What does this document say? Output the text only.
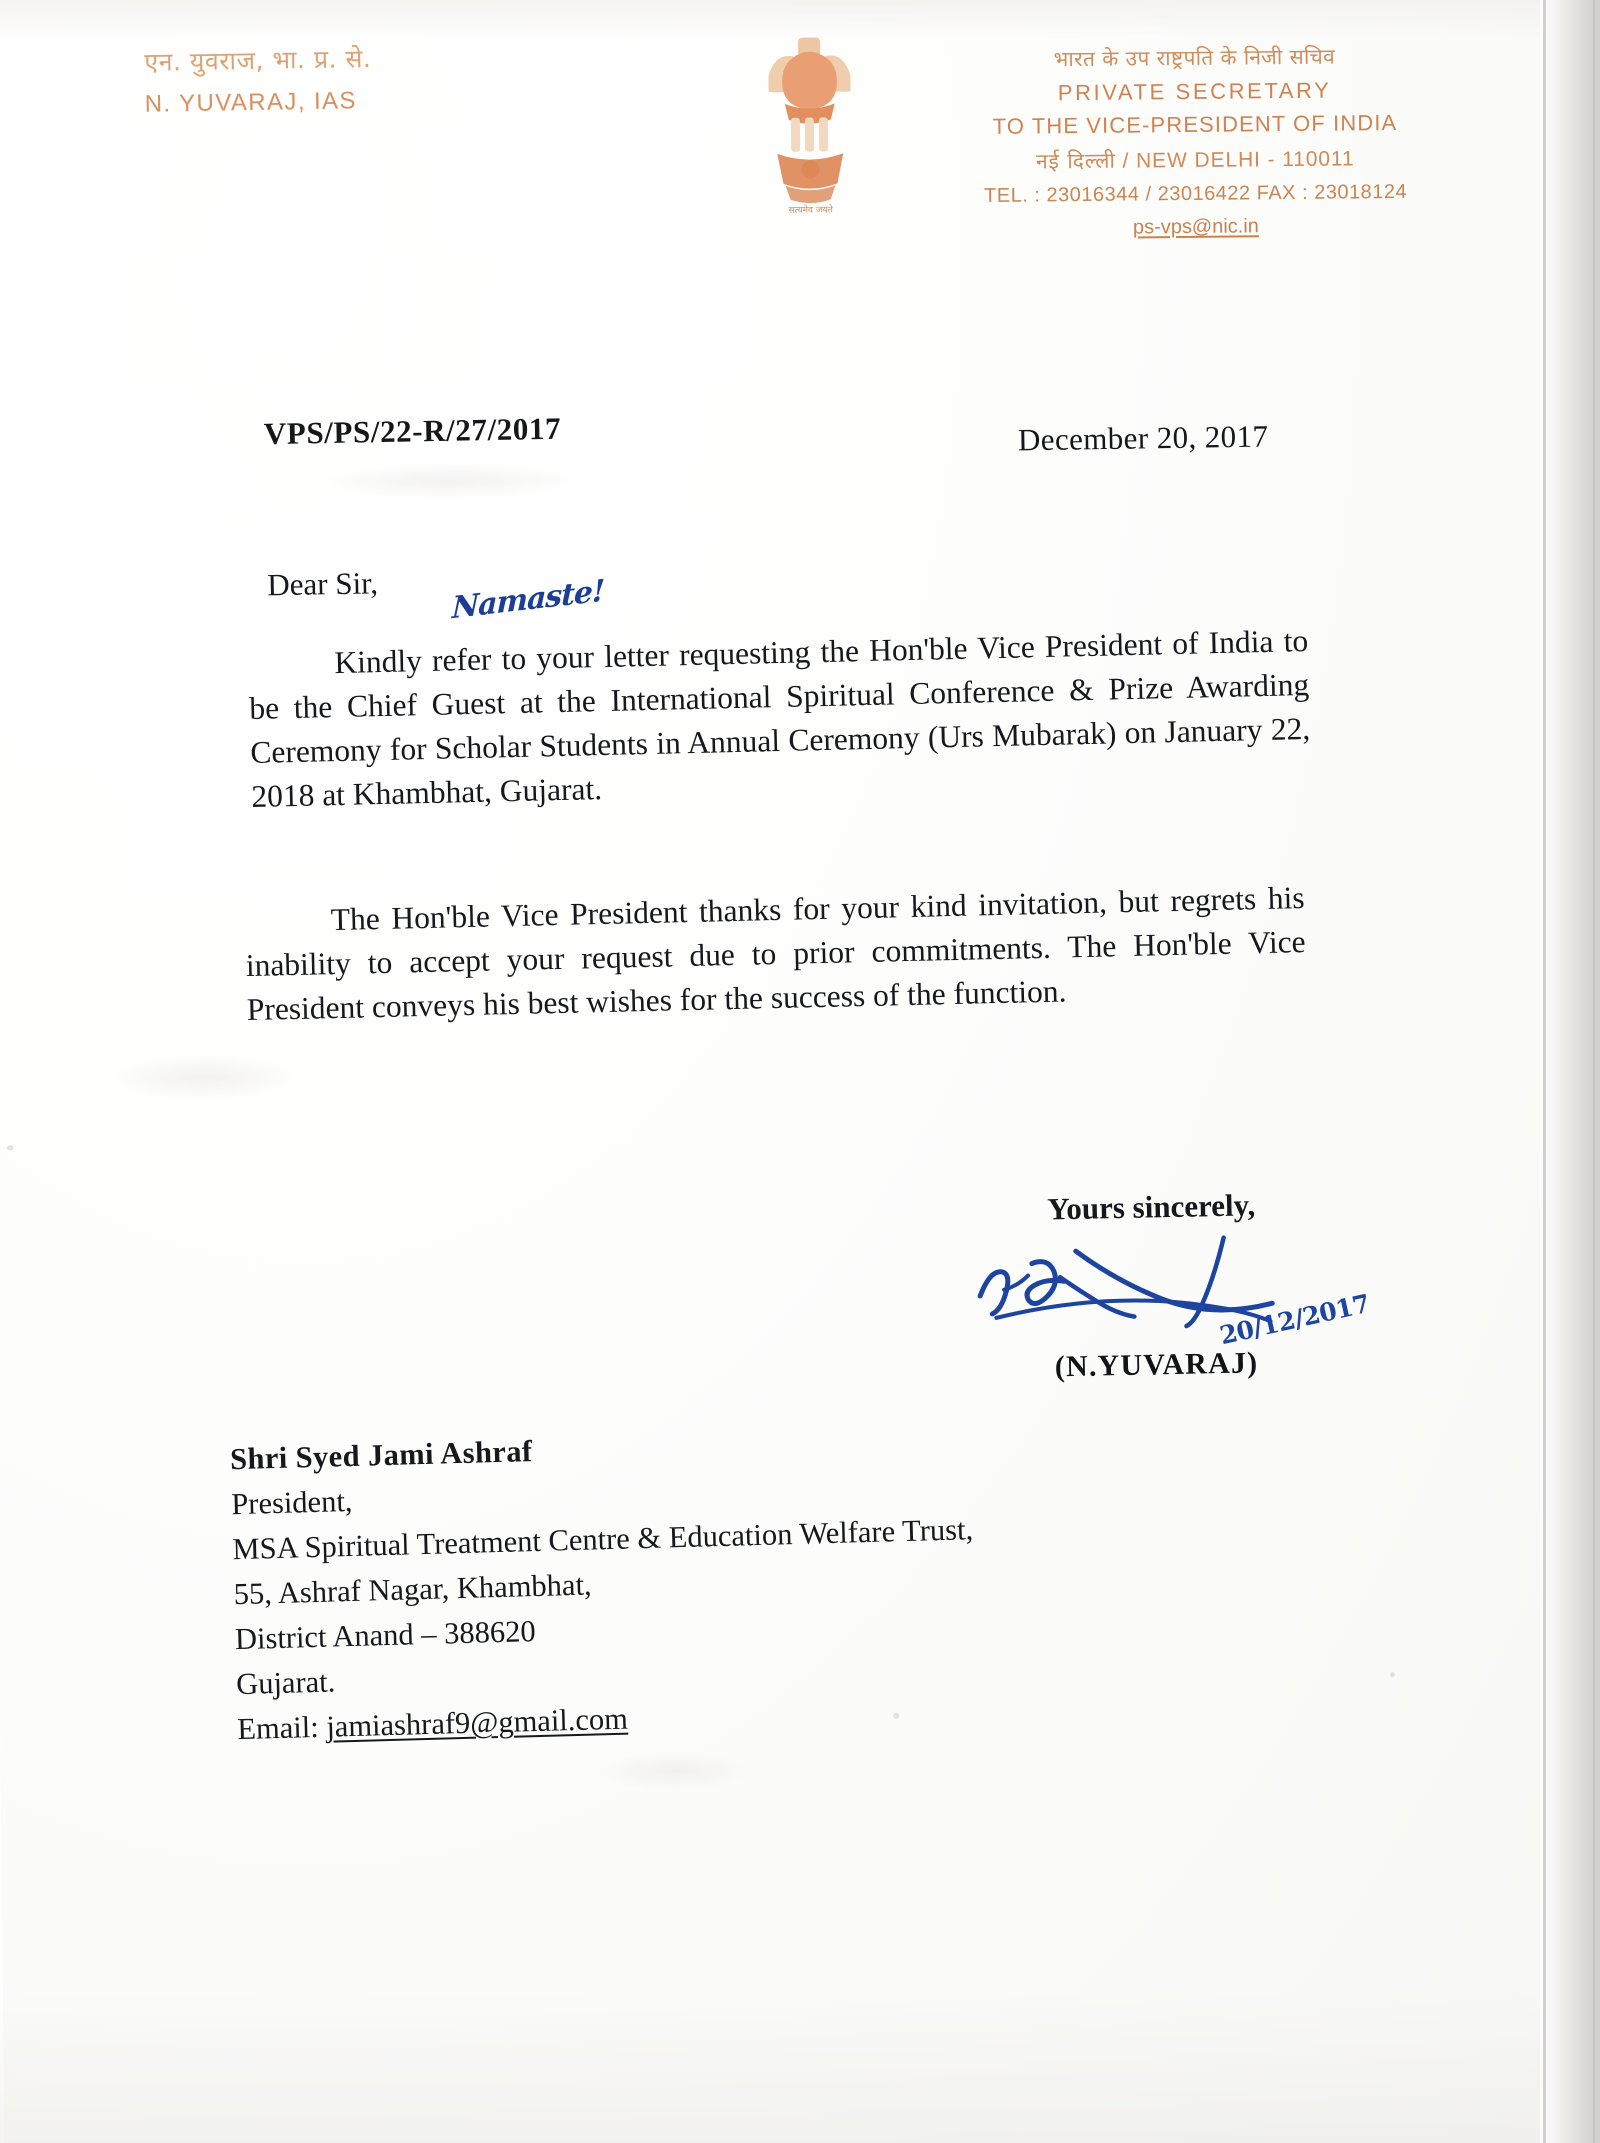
एन. युवराज, भा. प्र. से.
N. YUVARAJ, IAS
सत्यमेव जयते
भारत के उप राष्ट्रपति के निजी सचिव
PRIVATE SECRETARY
TO THE VICE-PRESIDENT OF INDIA
नई दिल्ली / NEW DELHI - 110011
TEL. : 23016344 / 23016422 FAX : 23018124
ps-vps@nic.in
VPS/PS/22-R/27/2017	December 20, 2017
Dear Sir, Namaste!
Kindly refer to your letter requesting the Hon'ble Vice President of India to be the Chief Guest at the International Spiritual Conference & Prize Awarding Ceremony for Scholar Students in Annual Ceremony (Urs Mubarak) on January 22, 2018 at Khambhat, Gujarat.
The Hon'ble Vice President thanks for your kind invitation, but regrets his inability to accept your request due to prior commitments. The Hon'ble Vice President conveys his best wishes for the success of the function.
Yours sincerely,
20/12/2017
(N.YUVARAJ)
Shri Syed Jami Ashraf
President,
MSA Spiritual Treatment Centre & Education Welfare Trust,
55, Ashraf Nagar, Khambhat,
District Anand – 388620
Gujarat.
Email: jamiashraf9@gmail.com
